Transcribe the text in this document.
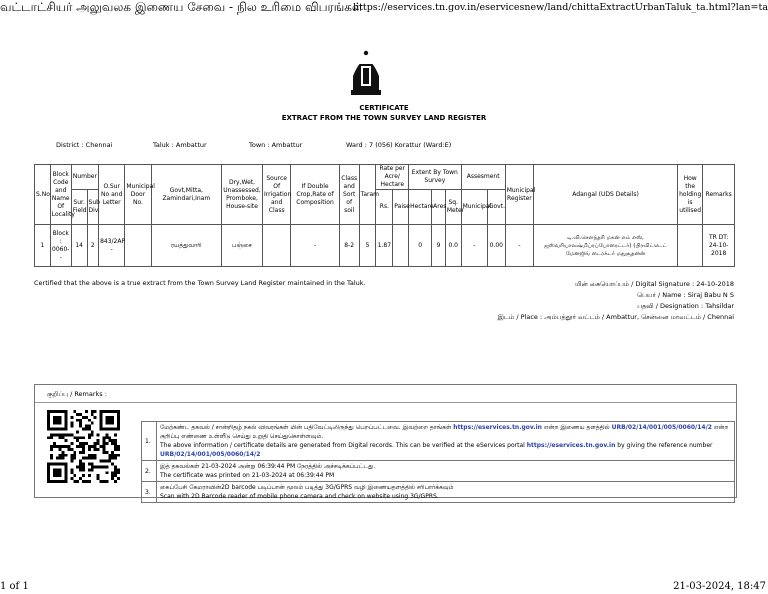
வட்டாட்சியர் அலுவலக இணைய சேவை - நில உரிமை விபரங்கள்
https://eservices.tn.gov.in/eservicesnew/land/chittaExtractUrbanTaluk_ta.html?lan=ta
CERTIFICATE
EXTRACT FROM THE TOWN SURVEY LAND REGISTER
District : Chennai	Taluk : Ambattur	Town : Ambattur	Ward : 7 (056) Korattur (Ward:E)
S.No	Block Code and Name Of Locality	Number		O.Sur No and Letter	Municipal Door No.	Govt,Mitta, Zamindari,Inam	Dry,Wet, Unassessed, Promboke, House-site	Source Of Irrigation and Class	If Double Crop,Rate of Composition	Class and Sort of soil	Taram	Rate per Acre/ Hectare		Extent By Town Survey			Assesment		Municipal Register	Adangal (UDS Details)	How the holding is utilised	Remarks
		Sur. Field	Sub Div.									Rs.	Paise	Hectare	Ares	Sq. Meter	Municipal	Govt.				
1	Block : 0060--	14	2	843/2AP -		ரயத்துவாரி	பஞ்சை		-	8-2	5	1.87		0	9	0.0	-	0.00	-	டி.வி.சௌந்தரி மகன் எம் எஸ், ஜஸ்வரியாலஷ்மிப்ரப்போரைட்டர்) (பிரவிட்டெட் மேனஜிங் டைரக்டர் மதுசூதனன்		TR DT: 24-10-2018
Certified that the above is a true extract from the Town Survey Land Register maintained in the Taluk.	மின் கையொப்பம் / Digital Signature : 24-10-2018
பெயர் / Name : Siraj Babu N S
பதவி / Designation : Tahsildar
இடம் / Place : அம்பத்தூர் வட்டம் / Ambattur, சென்னை மாவட்டம் / Chennai
குறிப்பு / Remarks :
1.	மேற்கண்ட தகவல் / சான்றிதழ் நகல் விவரங்கள் மின் பதிவேட்டிலிருந்து பெறப்பட்டவை. இவற்றை தாங்கள் https://eservices.tn.gov.in என்ற இணைய தளத்தில் URB/02/14/001/005/0060/14/2 என்ற குறிப்பு எண்ணை உள்ளீடு செய்து உறுதி செய்துகொள்ளவும்.
The above information / certificate details are generated from Digital records. This can be verified at the eServices portal https://eservices.tn.gov.in by giving the reference number URB/02/14/001/005/0060/14/2

2.	இத் தகவல்கள் 21-03-2024 அன்று 06:39:44 PM நேரத்தில் அச்சடிக்கப்பட்டது.
The certificate was printed on 21-03-2024 at 06:39:44 PM

3.	கைப்பேசி கேமராவின்2D barcode படிப்பான் மூலம் படித்து 3G/GPRS வழி இணையதளத்தில் சரிபார்க்கவும்
Scan with 2D Barcode reader of mobile phone camera and check on website using 3G/GPRS.
1 of 1	21-03-2024, 18:47
